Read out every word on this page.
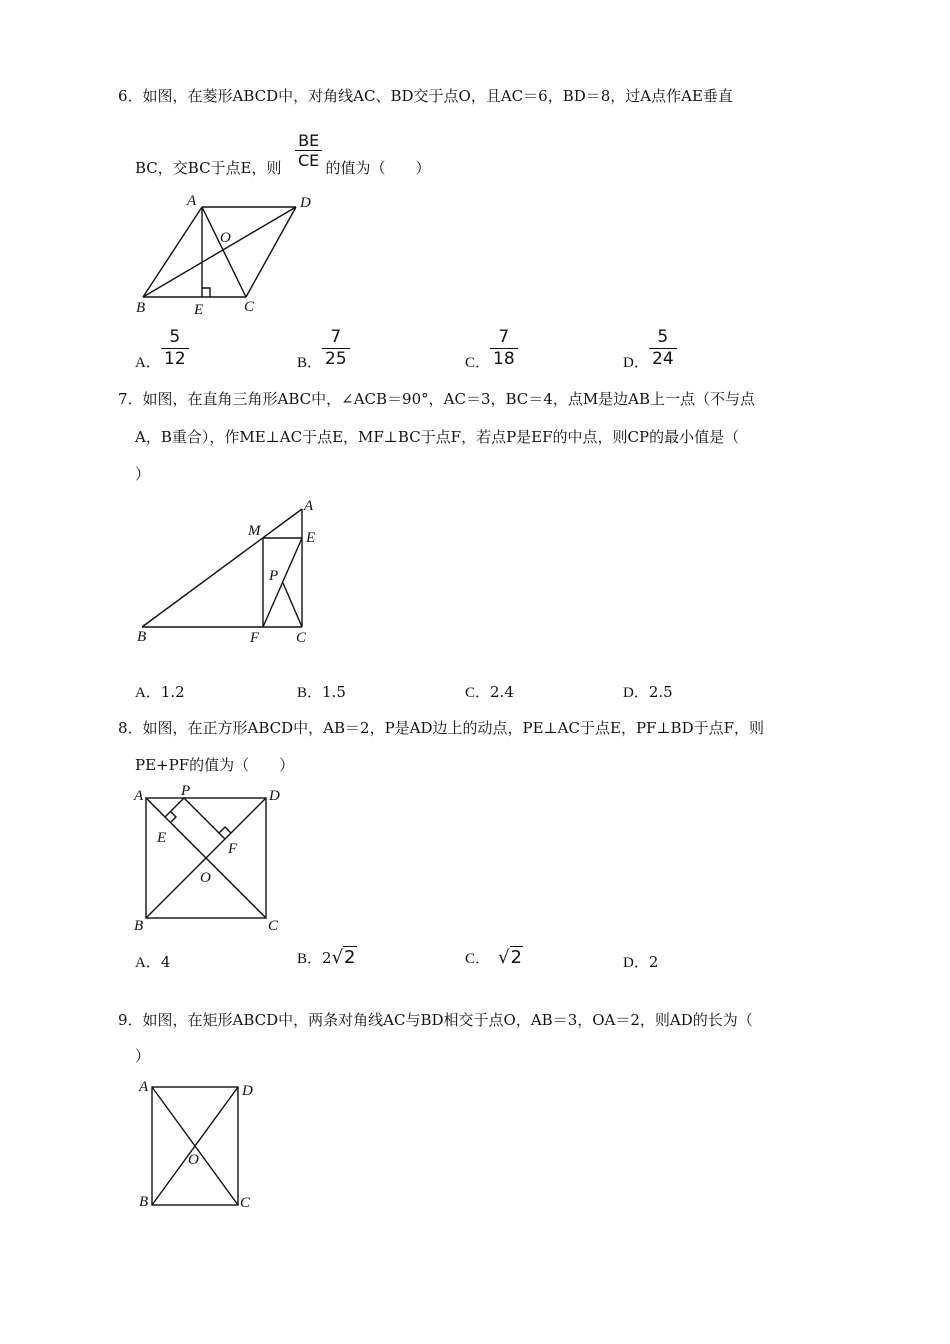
6．如图，在菱形ABCD中，对角线AC、BD交于点O，且AC＝6，BD＝8，过A点作AE垂直
BC，交BC于点E，则	的值为（　　）
BE
CE
A	D
O
B	E	C
A．
5
12	B．
7
25	C．
7
18	D．
5
24
7．如图，在直角三角形ABC中，∠ACB＝90°，AC＝3，BC＝4，点M是边AB上一点（不与点
A，B重合），作ME⊥AC于点E，MF⊥BC于点F，若点P是EF的中点，则CP的最小值是（
）
A
M	E
P
B	F C
A．1.2	B．1.5	C．2.4	D．2.5
8．如图，在正方形ABCD中，AB＝2，P是AD边上的动点，PE⊥AC于点E，PF⊥BD于点F，则
PE+PF的值为（　　）
A	P	D
E
F
O
B	C
A．4	B．2√2	C． √2	D．2
9．如图，在矩形ABCD中，两条对角线AC与BD相交于点O，AB＝3，OA＝2，则AD的长为（
）
A	D
O
B	C
